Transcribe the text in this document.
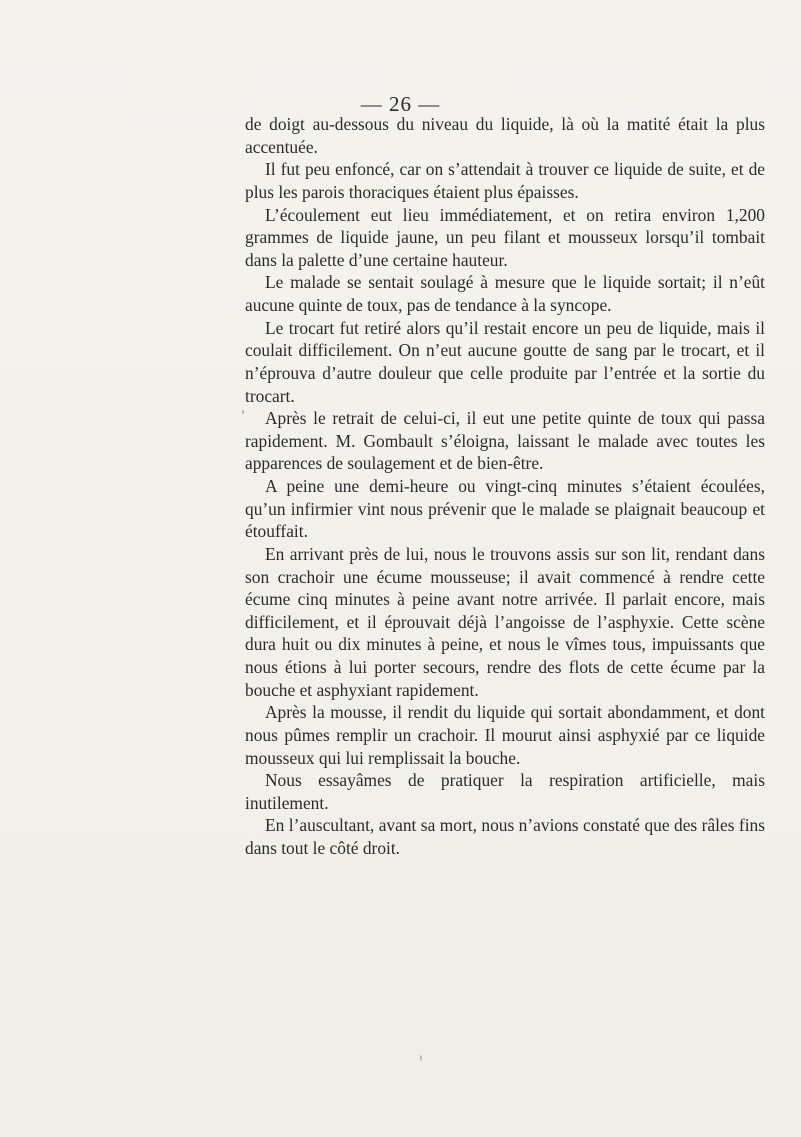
— 26 —

de doigt au-dessous du niveau du liquide, là où la matité était la plus accentuée.

Il fut peu enfoncé, car on s’attendait à trouver ce liquide de suite, et de plus les parois thoraciques étaient plus épaisses.

L’écoulement eut lieu immédiatement, et on retira environ 1,200 grammes de liquide jaune, un peu filant et mousseux lorsqu’il tombait dans la palette d’une certaine hauteur.

Le malade se sentait soulagé à mesure que le liquide sortait; il n’eût aucune quinte de toux, pas de tendance à la syncope.

Le trocart fut retiré alors qu’il restait encore un peu de liquide, mais il coulait difficilement. On n’eut aucune goutte de sang par le trocart, et il n’éprouva d’autre douleur que celle produite par l’entrée et la sortie du trocart.

Après le retrait de celui-ci, il eut une petite quinte de toux qui passa rapidement. M. Gombault s’éloigna, laissant le malade avec toutes les apparences de soulagement et de bien-être.

A peine une demi-heure ou vingt-cinq minutes s’étaient écoulées, qu’un infirmier vint nous prévenir que le malade se plaignait beaucoup et étouffait.

En arrivant près de lui, nous le trouvons assis sur son lit, rendant dans son crachoir une écume mousseuse; il avait commencé à rendre cette écume cinq minutes à peine avant notre arrivée. Il parlait encore, mais difficilement, et il éprouvait déjà l’angoisse de l’asphyxie. Cette scène dura huit ou dix minutes à peine, et nous le vîmes tous, impuissants que nous étions à lui porter secours, rendre des flots de cette écume par la bouche et asphyxiant rapidement.

Après la mousse, il rendit du liquide qui sortait abondamment, et dont nous pûmes remplir un crachoir. Il mourut ainsi asphyxié par ce liquide mousseux qui lui remplissait la bouche.

Nous essayâmes de pratiquer la respiration artificielle, mais inutilement.

En l’auscultant, avant sa mort, nous n’avions constaté que des râles fins dans tout le côté droit.
